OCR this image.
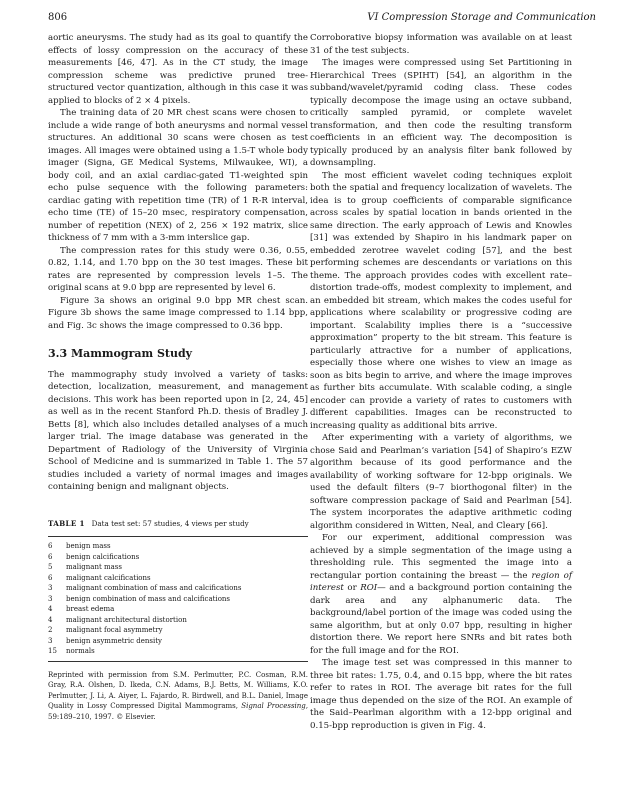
806	VI Compression Storage and Communication

aortic aneurysms. The study had as its goal to quantify the effects of lossy compression on the accuracy of these measurements [46, 47]. As in the CT study, the image compression scheme was predictive pruned tree-structured vector quantization, although in this case it was applied to blocks of 2 × 4 pixels.

The training data of 20 MR chest scans were chosen to include a wide range of both aneurysms and normal vessel structures. An additional 30 scans were chosen as test images. All images were obtained using a 1.5-T whole body imager (Signa, GE Medical Systems, Milwaukee, WI), a body coil, and an axial cardiac-gated T1-weighted spin echo pulse sequence with the following parameters: cardiac gating with repetition time (TR) of 1 R-R interval, echo time (TE) of 15–20 msec, respiratory compensation, number of repetition (NEX) of 2, 256 × 192 matrix, slice thickness of 7 mm with a 3-mm interslice gap.

The compression rates for this study were 0.36, 0.55, 0.82, 1.14, and 1.70 bpp on the 30 test images. These bit rates are represented by compression levels 1–5. The original scans at 9.0 bpp are represented by level 6.

Figure 3a shows an original 9.0 bpp MR chest scan. Figure 3b shows the same image compressed to 1.14 bpp, and Fig. 3c shows the image compressed to 0.36 bpp.

3.3 Mammogram Study

The mammography study involved a variety of tasks: detection, localization, measurement, and management decisions. This work has been reported upon in [2, 24, 45] as well as in the recent Stanford Ph.D. thesis of Bradley J. Betts [8], which also includes detailed analyses of a much larger trial. The image database was generated in the Department of Radiology of the University of Virginia School of Medicine and is summarized in Table 1. The 57 studies included a variety of normal images and images containing benign and malignant objects.

TABLE 1 Data test set: 57 studies, 4 views per study
6	benign mass
6	benign calcifications
5	malignant mass
6	malignant calcifications
3	malignant combination of mass and calcifications
3	benign combination of mass and calcifications
4	breast edema
4	malignant architectural distortion
2	malignant focal asymmetry
3	benign asymmetric density
15	normals
Reprinted with permission from S.M. Perlmutter, P.C. Cosman, R.M. Gray, R.A. Olshen, D. Ikeda, C.N. Adams, B.J. Betts, M. Williams, K.O. Perlmutter, J. Li, A. Aiyer, L. Fajardo, R. Birdwell, and B.L. Daniel, Image Quality in Lossy Compressed Digital Mammograms, Signal Processing, 59:189–210, 1997. © Elsevier.

Corroborative biopsy information was available on at least 31 of the test subjects.

The images were compressed using Set Partitioning in Hierarchical Trees (SPIHT) [54], an algorithm in the subband/wavelet/pyramid coding class. These codes typically decompose the image using an octave subband, critically sampled pyramid, or complete wavelet transformation, and then code the resulting transform coefficients in an efficient way. The decomposition is typically produced by an analysis filter bank followed by downsampling.

The most efficient wavelet coding techniques exploit both the spatial and frequency localization of wavelets. The idea is to group coefficients of comparable significance across scales by spatial location in bands oriented in the same direction. The early approach of Lewis and Knowles [31] was extended by Shapiro in his landmark paper on embedded zerotree wavelet coding [57], and the best performing schemes are descendants or variations on this theme. The approach provides codes with excellent rate–distortion trade-offs, modest complexity to implement, and an embedded bit stream, which makes the codes useful for applications where scalability or progressive coding are important. Scalability implies there is a “successive approximation” property to the bit stream. This feature is particularly attractive for a number of applications, especially those where one wishes to view an image as soon as bits begin to arrive, and where the image improves as further bits accumulate. With scalable coding, a single encoder can provide a variety of rates to customers with different capabilities. Images can be reconstructed to increasing quality as additional bits arrive.

After experimenting with a variety of algorithms, we chose Said and Pearlman’s variation [54] of Shapiro’s EZW algorithm because of its good performance and the availability of working software for 12-bpp originals. We used the default filters (9–7 biorthogonal filter) in the software compression package of Said and Pearlman [54]. The system incorporates the adaptive arithmetic coding algorithm considered in Witten, Neal, and Cleary [66].

For our experiment, additional compression was achieved by a simple segmentation of the image using a thresholding rule. This segmented the image into a rectangular portion containing the breast — the region of interest or ROI— and a background portion containing the dark area and any alphanumeric data. The background/label portion of the image was coded using the same algorithm, but at only 0.07 bpp, resulting in higher distortion there. We report here SNRs and bit rates both for the full image and for the ROI.

The image test set was compressed in this manner to three bit rates: 1.75, 0.4, and 0.15 bpp, where the bit rates refer to rates in ROI. The average bit rates for the full image thus depended on the size of the ROI. An example of the Said–Pearlman algorithm with a 12-bpp original and 0.15-bpp reproduction is given in Fig. 4.
